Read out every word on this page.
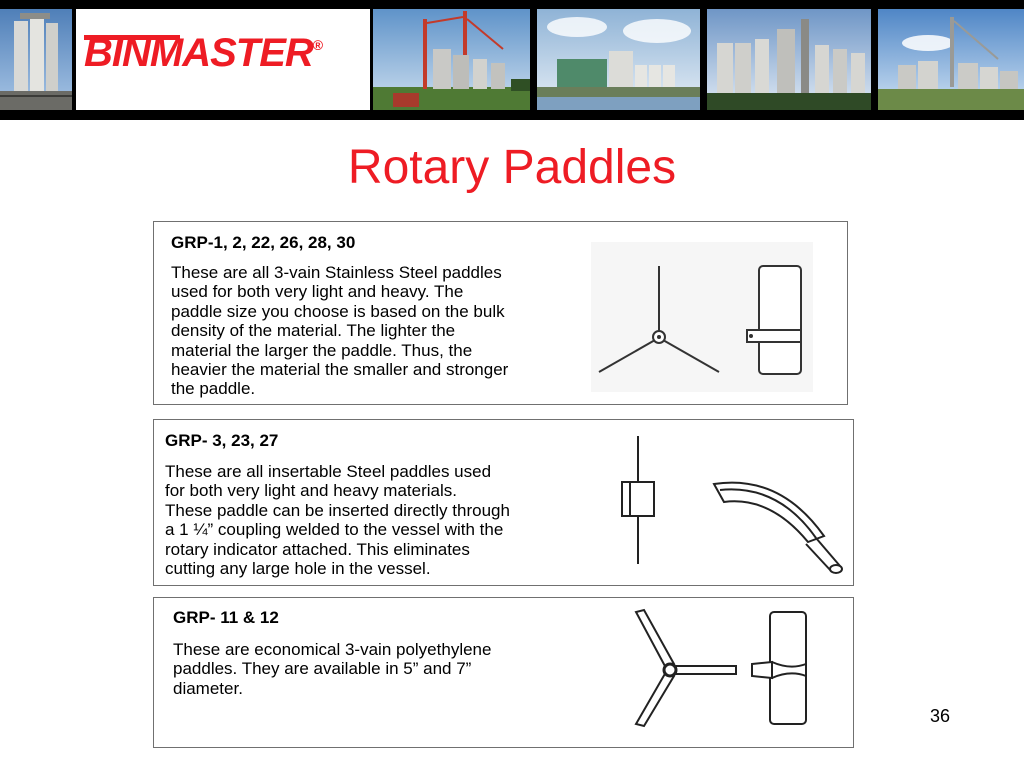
BINMASTER®
Rotary Paddles
GRP-1, 2, 22, 26, 28, 30
These are all 3-vain Stainless Steel paddles
used for both very light and heavy. The
paddle size you choose is based on the bulk
density of the material. The lighter the
material the larger the paddle. Thus, the
heavier the material the smaller and stronger
the paddle.
GRP- 3, 23, 27
These are all insertable Steel paddles used
for both very light and heavy materials.
These paddle can be inserted directly through
a 1 ¼” coupling welded to the vessel with the
rotary indicator attached. This eliminates
cutting any large hole in the vessel.
GRP- 11 & 12
These are economical 3-vain polyethylene
paddles. They are available in 5” and 7”
diameter.
36
